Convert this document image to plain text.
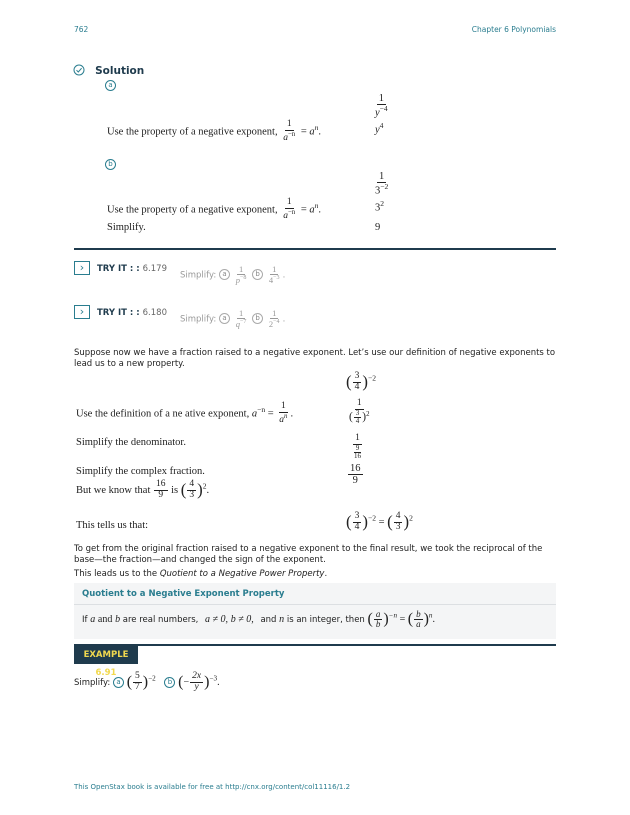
762	Chapter 6 Polynomials
Solution
a
$\frac{1}{y^{-4}}$
Use the property of a negative exponent, $\frac{1}{a^{-n}} = a^n$.	$y^4$
b
$\frac{1}{3^{-2}}$
Use the property of a negative exponent, $\frac{1}{a^{-n}} = a^n$.	$3^2$
Simplify.	9
›	TRY IT : : 6.179
Simplify: a $\frac{1}{p^{-8}}$ b $\frac{1}{4^{-3}}$ .
›	TRY IT : : 6.180
Simplify: a $\frac{1}{q^{-7}}$ b $\frac{1}{2^{-4}}$ .
Suppose now we have a fraction raised to a negative exponent. Let’s use our definition of negative exponents to lead us to a new property.
( $\frac{3}{4} )^{-2}$
Use the definition of a ne ative exponent, $a^{-n} = \frac{1}{a^n}$ .	$\frac{1}{( \frac{3}{4} )^2}$
Simplify the denominator.	$\frac{1}{\frac{9}{16}}$
Simplify the complex fraction.	$\frac{16}{9}$
But we know that $\frac{16}{9}$ is ( $\frac{4}{3} )^2$.
This tells us that:	( $\frac{3}{4} )^{-2}$ = ( $\frac{4}{3} )^2$
To get from the original fraction raised to a negative exponent to the final result, we took the reciprocal of the base—the fraction—and changed the sign of the exponent.
This leads us to the Quotient to a Negative Power Property.
Quotient to a Negative Exponent Property
If a and b are real numbers, a ≠ 0, b ≠ 0, and n is an integer, then ( $\frac{a}{b} )^{-n}$ = ( $\frac{b}{a} )^n$.
EXAMPLE 6.91
Simplify: a ( $\frac{5}{7} )^{-2}$ b (− $\frac{2x}{y} )^{-3}$.
This OpenStax book is available for free at http://cnx.org/content/col11116/1.2
